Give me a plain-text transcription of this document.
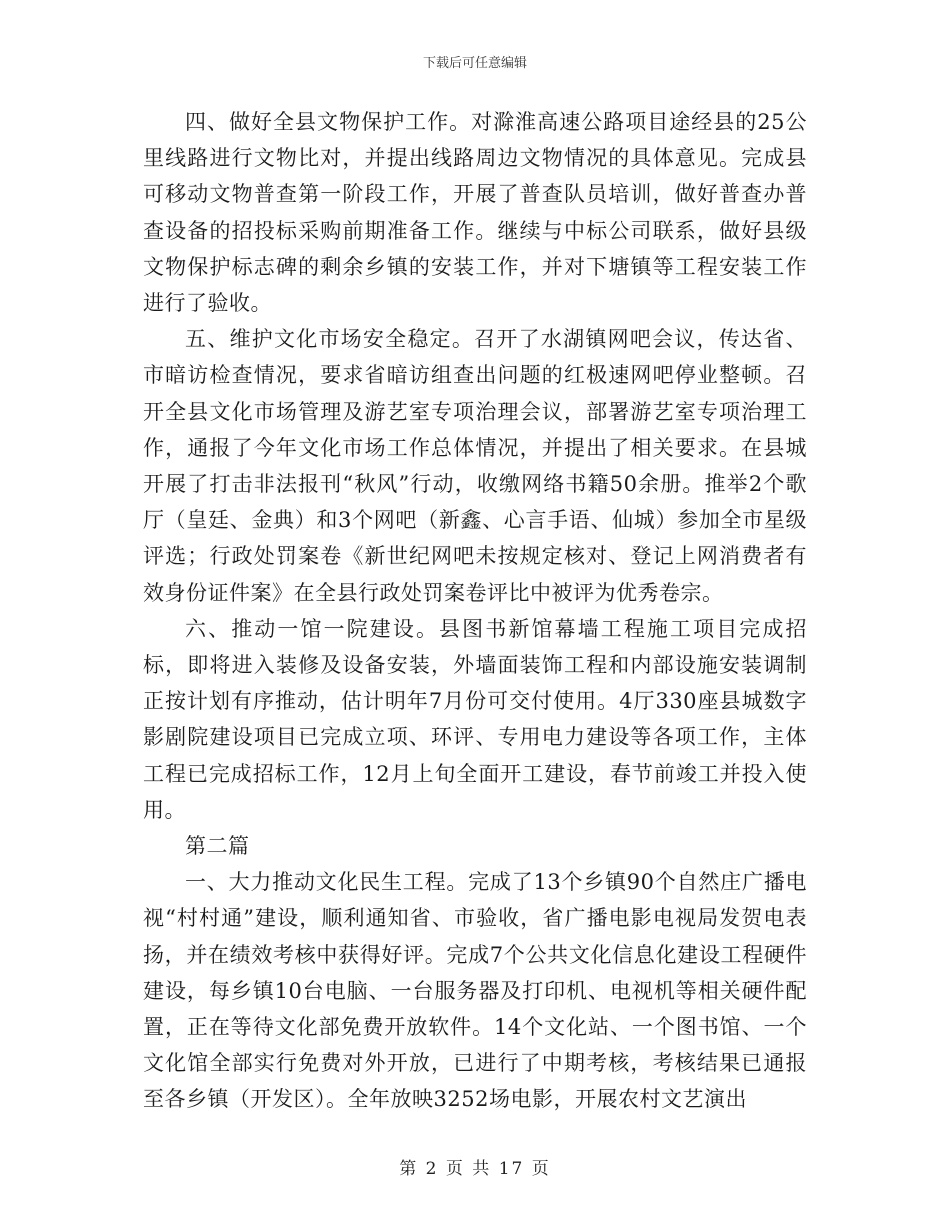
下载后可任意编辑

四、做好全县文物保护工作。对滁淮高速公路项目途经县的25公里线路进行文物比对，并提出线路周边文物情况的具体意见。完成县可移动文物普查第一阶段工作，开展了普查队员培训，做好普查办普查设备的招投标采购前期准备工作。继续与中标公司联系，做好县级文物保护标志碑的剩余乡镇的安装工作，并对下塘镇等工程安装工作进行了验收。

五、维护文化市场安全稳定。召开了水湖镇网吧会议，传达省、市暗访检查情况，要求省暗访组查出问题的红极速网吧停业整顿。召开全县文化市场管理及游艺室专项治理会议，部署游艺室专项治理工作，通报了今年文化市场工作总体情况，并提出了相关要求。在县城开展了打击非法报刊“秋风”行动，收缴网络书籍50余册。推举2个歌厅（皇廷、金典）和3个网吧（新鑫、心言手语、仙城）参加全市星级评选；行政处罚案卷《新世纪网吧未按规定核对、登记上网消费者有效身份证件案》在全县行政处罚案卷评比中被评为优秀卷宗。

六、推动一馆一院建设。县图书新馆幕墙工程施工项目完成招标，即将进入装修及设备安装，外墙面装饰工程和内部设施安装调制正按计划有序推动，估计明年7月份可交付使用。4厅330座县城数字影剧院建设项目已完成立项、环评、专用电力建设等各项工作，主体工程已完成招标工作，12月上旬全面开工建设，春节前竣工并投入使用。

第二篇

一、大力推动文化民生工程。完成了13个乡镇90个自然庄广播电视“村村通”建设，顺利通知省、市验收，省广播电影电视局发贺电表扬，并在绩效考核中获得好评。完成7个公共文化信息化建设工程硬件建设，每乡镇10台电脑、一台服务器及打印机、电视机等相关硬件配置，正在等待文化部免费开放软件。14个文化站、一个图书馆、一个文化馆全部实行免费对外开放，已进行了中期考核，考核结果已通报至各乡镇（开发区）。全年放映3252场电影，开展农村文艺演出

第 2 页 共 17 页
